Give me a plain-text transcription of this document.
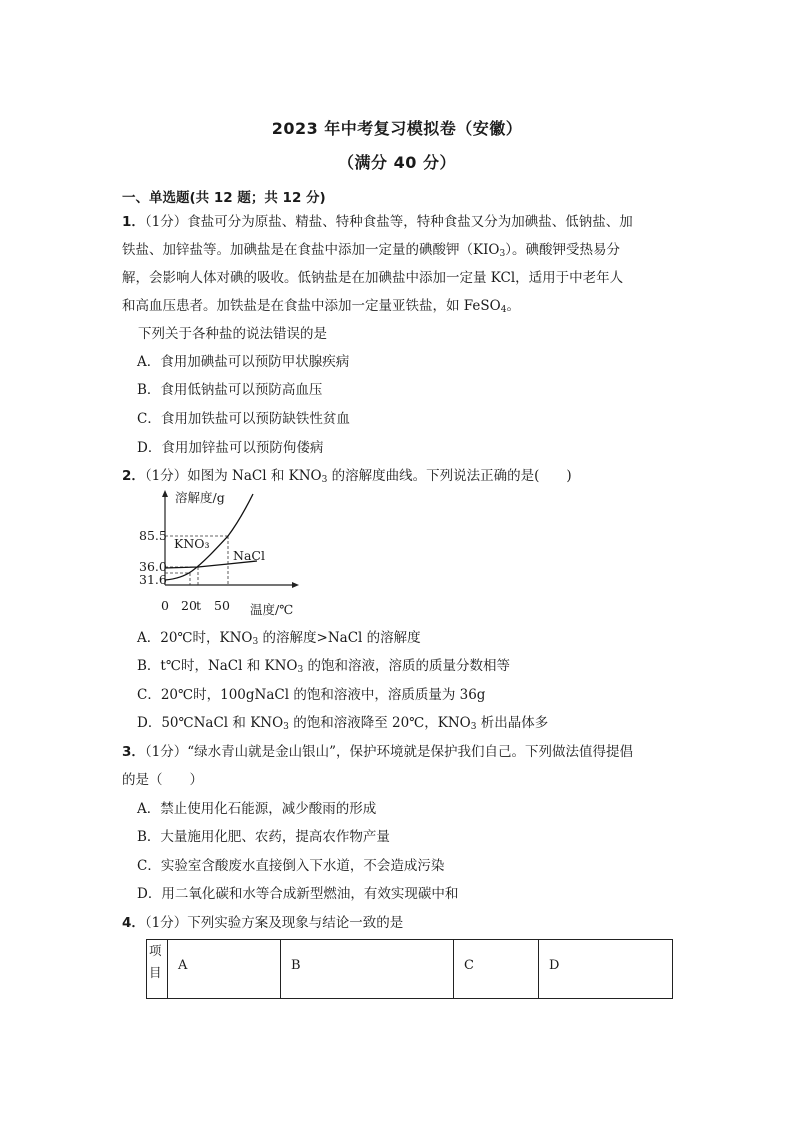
2023 年中考复习模拟卷（安徽）
（满分 40 分）
一、单选题(共 12 题；共 12 分)
1．（1分）食盐可分为原盐、精盐、特种食盐等，特种食盐又分为加碘盐、低钠盐、加
铁盐、加锌盐等。加碘盐是在食盐中添加一定量的碘酸钾$(KIO_3)$。碘酸钾受热易分
解，会影响人体对碘的吸收。低钠盐是在加碘盐中添加一定量 KCl，适用于中老年人
和高血压患者。加铁盐是在食盐中添加一定量亚铁盐，如 FeSO$_4$。
下列关于各种盐的说法错误的是
A．食用加碘盐可以预防甲状腺疾病
B．食用低钠盐可以预防高血压
C．食用加铁盐可以预防缺铁性贫血
D．食用加锌盐可以预防佝偻病
2．（1分）如图为 NaCl 和 $KNO_3$ 的溶解度曲线。下列说法正确的是(　　)
溶解度/g
85.5
36.0
31.6
KNO₃
NaCl
0 20 t 50 温度/℃
A．20℃时，$KNO_3$ 的溶解度>NaCl 的溶解度
B．t℃时，NaCl 和 $KNO_3$ 的饱和溶液，溶质的质量分数相等
C．20℃时，100gNaCl 的饱和溶液中，溶质质量为 36g
D．50℃NaCl 和 $KNO_3$ 的饱和溶液降至 20℃，$KNO_3$ 析出晶体多
3．（1分）“绿水青山就是金山银山”，保护环境就是保护我们自己。下列做法值得提倡
的是（　　）
A．禁止使用化石能源，减少酸雨的形成
B．大量施用化肥、农药，提高农作物产量
C．实验室含酸废水直接倒入下水道，不会造成污染
D．用二氧化碳和水等合成新型燃油，有效实现碳中和
4．（1分）下列实验方案及现象与结论一致的是
项目	A	B	C	D
